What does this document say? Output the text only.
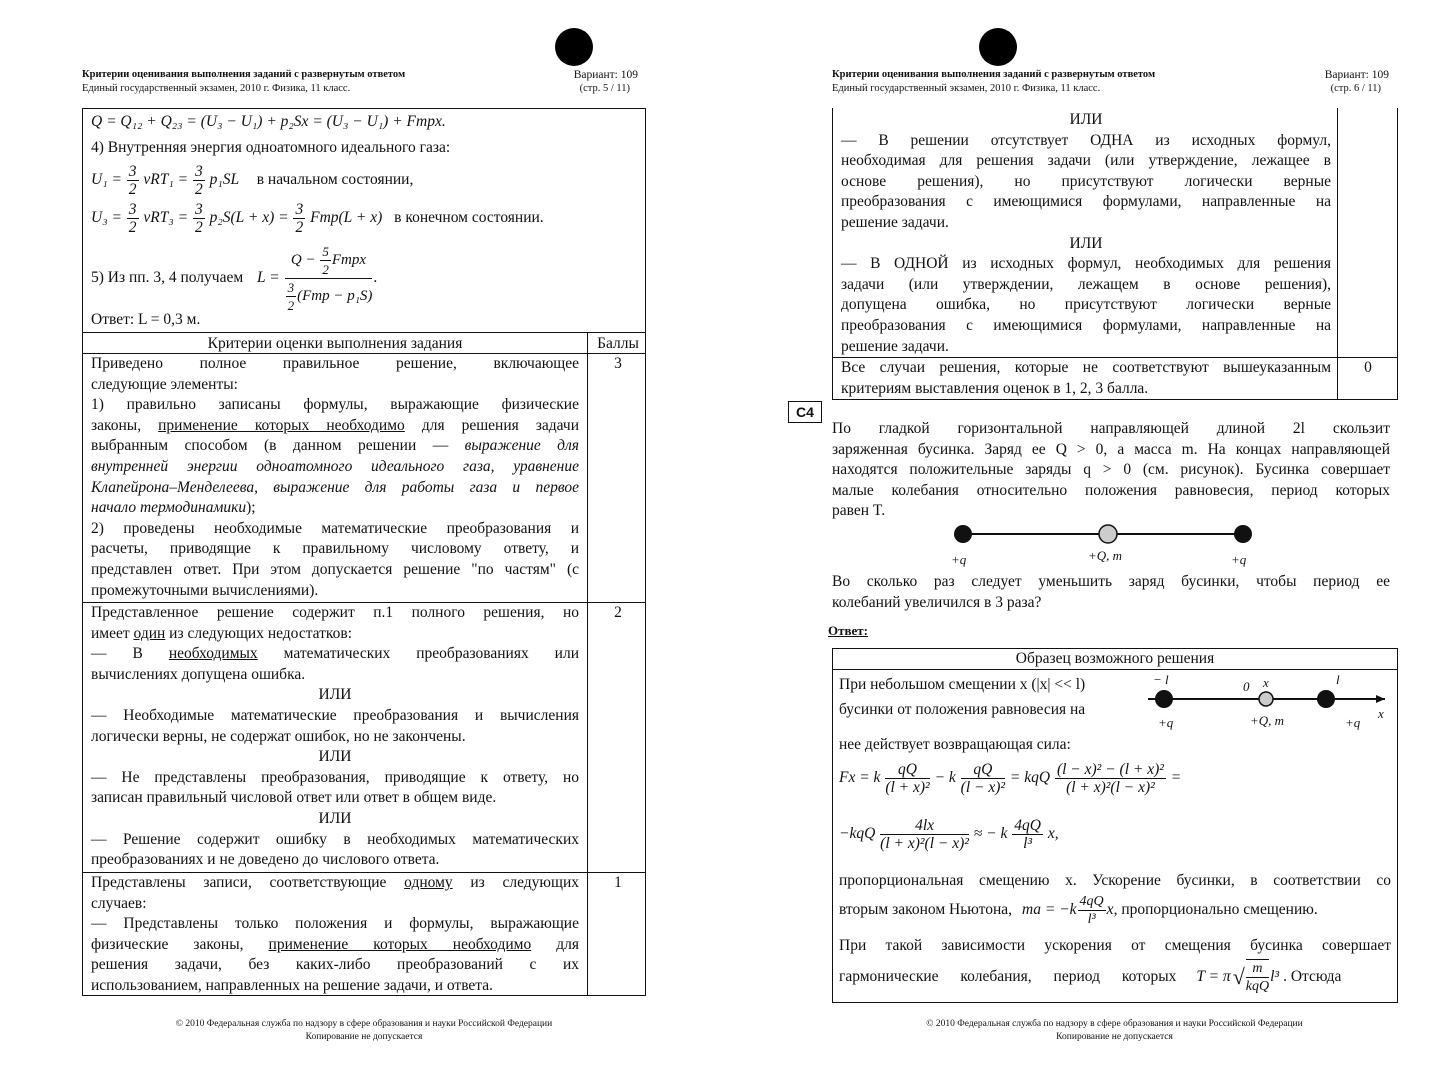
Критерии оценивания выполнения заданий с развернутым ответом
Единый государственный экзамен, 2010 г. Физика, 11 класс.
Вариант: 109
(стр. 5 / 11)
Q = Q₁₂ + Q₂₃ = (U₃ − U₁) + p₂Sx = (U₃ − U₁) + Fтрx.
4) Внутренняя энергия одноатомного идеального газа:
$U_1 = \frac{3}{2} \nu RT_1 = \frac{3}{2} p_1SL$ в начальном состоянии,
$U_3 = \frac{3}{2} \nu RT_3 = \frac{3}{2} p_2S(L + x) = \frac{3}{2} Fтр(L + x)$ в конечном состоянии.
5) Из пп. 3, 4 получаем $L = \frac{Q - \frac{5}{2} Fтрx}{\frac{3}{2} (Fтр - p_1S)}$ .
Ответ: L = 0,3 м.
Критерии оценки выполнения задания	Баллы
Приведено полное правильное решение, включающее
следующие элементы:
1) правильно записаны формулы, выражающие физические
законы, применение которых необходимо для решения задачи
выбранным способом (в данном решении — выражение для
внутренней энергии одноатомного идеального газа, уравнение
Клапейрона–Менделеева, выражение для работы газа и первое
начало термодинамики);
2) проведены необходимые математические преобразования и
расчеты, приводящие к правильному числовому ответу, и
представлен ответ. При этом допускается решение "по частям" (с
промежуточными вычислениями).
3
Представленное решение содержит п.1 полного решения, но
имеет один из следующих недостатков:
— В необходимых математических преобразованиях или
вычислениях допущена ошибка.
ИЛИ
— Необходимые математические преобразования и вычисления
логически верны, не содержат ошибок, но не закончены.
ИЛИ
— Не представлены преобразования, приводящие к ответу, но
записан правильный числовой ответ или ответ в общем виде.
ИЛИ
— Решение содержит ошибку в необходимых математических
преобразованиях и не доведено до числового ответа.
2
Представлены записи, соответствующие одному из следующих
случаев:
— Представлены только положения и формулы, выражающие
физические законы, применение которых необходимо для
решения задачи, без каких-либо преобразований с их
использованием, направленных на решение задачи, и ответа.
1
© 2010 Федеральная служба по надзору в сфере образования и науки Российской Федерации
Копирование не допускается
Критерии оценивания выполнения заданий с развернутым ответом
Единый государственный экзамен, 2010 г. Физика, 11 класс.
Вариант: 109
(стр. 6 / 11)
ИЛИ
— В решении отсутствует ОДНА из исходных формул,
необходимая для решения задачи (или утверждение, лежащее в
основе решения), но присутствуют логически верные
преобразования с имеющимися формулами, направленные на
решение задачи.
ИЛИ
— В ОДНОЙ из исходных формул, необходимых для решения
задачи (или утверждении, лежащем в основе решения),
допущена ошибка, но присутствуют логически верные
преобразования с имеющимися формулами, направленные на
решение задачи.
Все случаи решения, которые не соответствуют вышеуказанным
критериям выставления оценок в 1, 2, 3 балла.
0
По гладкой горизонтальной направляющей длиной 2l скользит
заряженная бусинка. Заряд ее Q > 0, а масса m. На концах направляющей
находятся положительные заряды q > 0 (см. рисунок). Бусинка совершает
малые колебания относительно положения равновесия, период которых
равен T.
+q	+Q, m	+q
Во сколько раз следует уменьшить заряд бусинки, чтобы период ее
колебаний увеличился в 3 раза?
Ответ:
Образец возможного решения
При небольшом смещении x (|x| << l)
бусинки от положения равновесия на
− l	0 x	l
x
+q	+Q, m	+q
нее действует возвращающая сила:
Fx = k $\frac{qQ}{\text{(l + x)²}} - k \frac{qQ}{\text{(l − x)²}}$ = kqQ $\frac{\text{(l − x)² − (l + x)²}}{\text{(l + x)²(l − x)²}}$ =
$-kqQ \frac{4lx}{\text{(l + x)²(l − x)²}}$ ≈ − k $\frac{4qQ}{\text{l³}} x$,
пропорциональная смещению x. Ускорение бусинки, в соответствии со
вторым законом Ньютона, ma = $-k \frac{4qQ}{\text{l³}}$ x , пропорционально смещению.
При такой зависимости ускорения от смещения бусинка совершает
гармонические колебания, период которых T = π √ $\frac{m}{\text{kqQ}} l^3$ . Отсюда
© 2010 Федеральная служба по надзору в сфере образования и науки Российской Федерации
Копирование не допускается
C4
